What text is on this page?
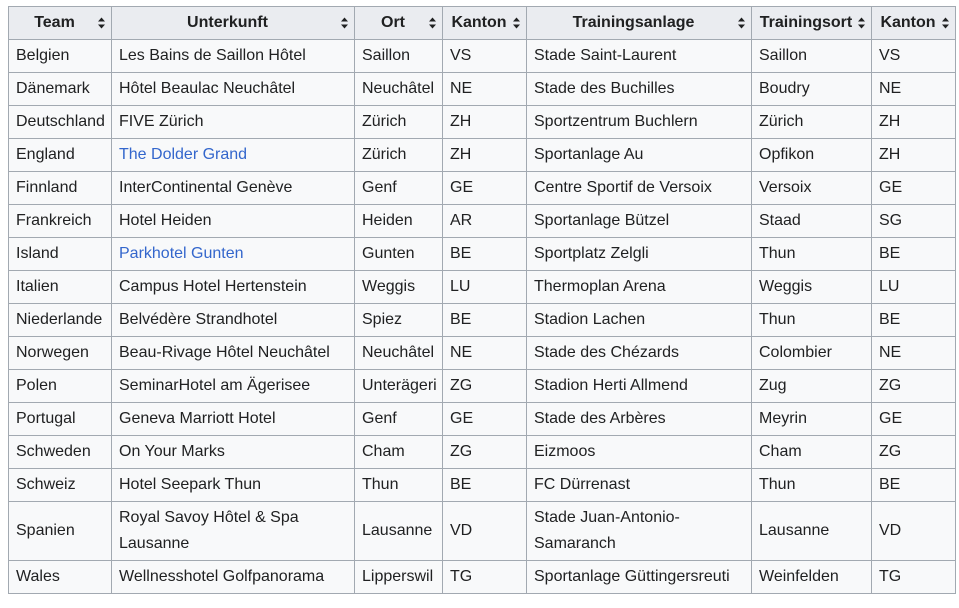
Team	Unterkunft	Ort	Kanton	Trainingsanlage	Trainingsort	Kanton

Belgien	Les Bains de Saillon Hôtel	Saillon	VS	Stade Saint-Laurent	Saillon	VS
Dänemark	Hôtel Beaulac Neuchâtel	Neuchâtel	NE	Stade des Buchilles	Boudry	NE
Deutschland	FIVE Zürich	Zürich	ZH	Sportzentrum Buchlern	Zürich	ZH
England	The Dolder Grand	Zürich	ZH	Sportanlage Au	Opfikon	ZH
Finnland	InterContinental Genève	Genf	GE	Centre Sportif de Versoix	Versoix	GE
Frankreich	Hotel Heiden	Heiden	AR	Sportanlage Bützel	Staad	SG
Island	Parkhotel Gunten	Gunten	BE	Sportplatz Zelgli	Thun	BE
Italien	Campus Hotel Hertenstein	Weggis	LU	Thermoplan Arena	Weggis	LU
Niederlande	Belvédère Strandhotel	Spiez	BE	Stadion Lachen	Thun	BE
Norwegen	Beau-Rivage Hôtel Neuchâtel	Neuchâtel	NE	Stade des Chézards	Colombier	NE
Polen	SeminarHotel am Ägerisee	Unterägeri	ZG	Stadion Herti Allmend	Zug	ZG
Portugal	Geneva Marriott Hotel	Genf	GE	Stade des Arbères	Meyrin	GE
Schweden	On Your Marks	Cham	ZG	Eizmoos	Cham	ZG
Schweiz	Hotel Seepark Thun	Thun	BE	FC Dürrenast	Thun	BE
Spanien	Royal Savoy Hôtel & Spa Lausanne	Lausanne	VD	Stade Juan-Antonio-Samaranch	Lausanne	VD
Wales	Wellnesshotel Golfpanorama	Lipperswil	TG	Sportanlage Güttingersreuti	Weinfelden	TG
